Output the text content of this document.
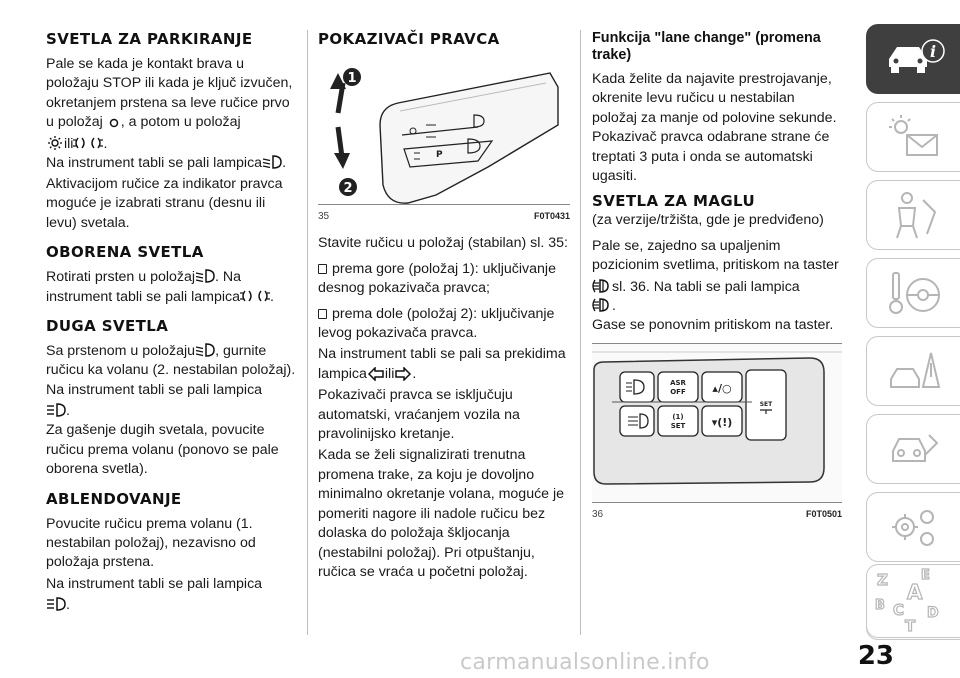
SVETLA ZA PARKIRANJE
Pale se kada je kontakt brava u položaju STOP ili kada je ključ izvučen, okretanjem prstena sa leve ručice prvo u položaj , a potom u položaj
ili .
Na instrument tabli se pali lampica .
Aktivacijom ručice za indikator pravca moguće je izabrati stranu (desnu ili levu) svetala.
OBORENA SVETLA
Rotirati prsten u položaj . Na instrument tabli se pali lampica .
DUGA SVETLA
Sa prstenom u položaju , gurnite ručicu ka volanu (2. nestabilan položaj). Na instrument tabli se pali lampica
.
Za gašenje dugih svetala, povucite ručicu prema volanu (ponovo se pale oborena svetla).
ABLENDOVANJE
Povucite ručicu prema volanu (1. nestabilan položaj), nezavisno od položaja prstena.
Na instrument tabli se pali lampica
.
POKAZIVAČI PRAVCA
1
2
P
35	F0T0431
Stavite ručicu u položaj (stabilan) sl. 35:
prema gore (položaj 1): uključivanje desnog pokazivača pravca;
prema dole (položaj 2): uključivanje levog pokazivača pravca.
Na instrument tabli se pali sa prekidima lampica ili .
Pokazivači pravca se isključuju automatski, vraćanjem vozila na pravolinijsko kretanje.
Kada se želi signalizirati trenutna promena trake, za koju je dovoljno minimalno okretanje volana, moguće je pomeriti nagore ili nadole ručicu bez dolaska do položaja škljocanja (nestabilni položaj). Pri otpuštanju, ručica se vraća u početni položaj.
Funkcija "lane change" (promena trake)
Kada želite da najavite prestrojavanje, okrenite levu ručicu u nestabilan položaj za manje od polovine sekunde. Pokazivač pravca odabrane strane će treptati 3 puta i onda se automatski ugasiti.
SVETLA ZA MAGLU
(za verzije/tržišta, gde je predviđeno)
Pale se, zajedno sa upaljenim pozicionim svetlima, pritiskom na taster
sl. 36. Na tabli se pali lampica
.
Gase se ponovnim pritiskom na taster.
ASR
OFF ▴/○
SET
(1)
SET ▾(!)
36	F0T0501
i
Z	E
A
B C D
T
23
carmanualsonline.info
